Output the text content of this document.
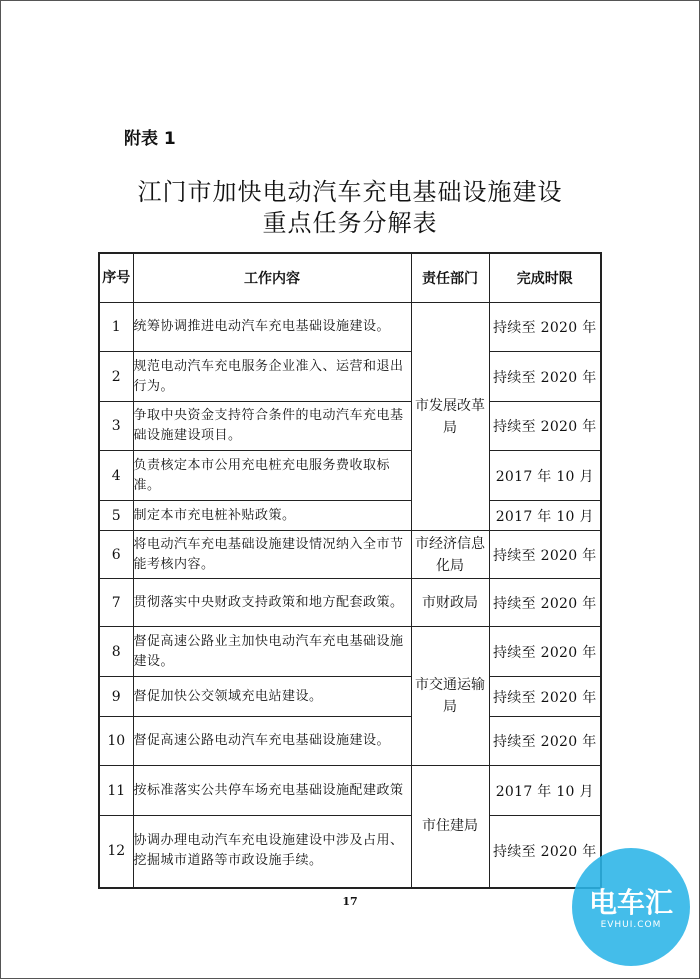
附表 1
江门市加快电动汽车充电基础设施建设
重点任务分解表
序号	工作内容	责任部门	完成时限
1	统筹协调推进电动汽车充电基础设施建设。	市发展改革局	持续至 2020 年
2	规范电动汽车充电服务企业准入、运营和退出行为。		持续至 2020 年
3	争取中央资金支持符合条件的电动汽车充电基础设施建设项目。		持续至 2020 年
4	负责核定本市公用充电桩充电服务费收取标准。		2017 年 10 月
5	制定本市充电桩补贴政策。		2017 年 10 月
6	将电动汽车充电基础设施建设情况纳入全市节能考核内容。	市经济信息化局	持续至 2020 年
7	贯彻落实中央财政支持政策和地方配套政策。	市财政局	持续至 2020 年
8	督促高速公路业主加快电动汽车充电基础设施建设。	市交通运输局	持续至 2020 年
9	督促加快公交领域充电站建设。		持续至 2020 年
10	督促高速公路电动汽车充电基础设施建设。		持续至 2020 年
11	按标准落实公共停车场充电基础设施配建政策	市住建局	2017 年 10 月
12	协调办理电动汽车充电设施建设中涉及占用、挖掘城市道路等市政设施手续。		持续至 2020 年
17	电车汇
EVHUI.COM
